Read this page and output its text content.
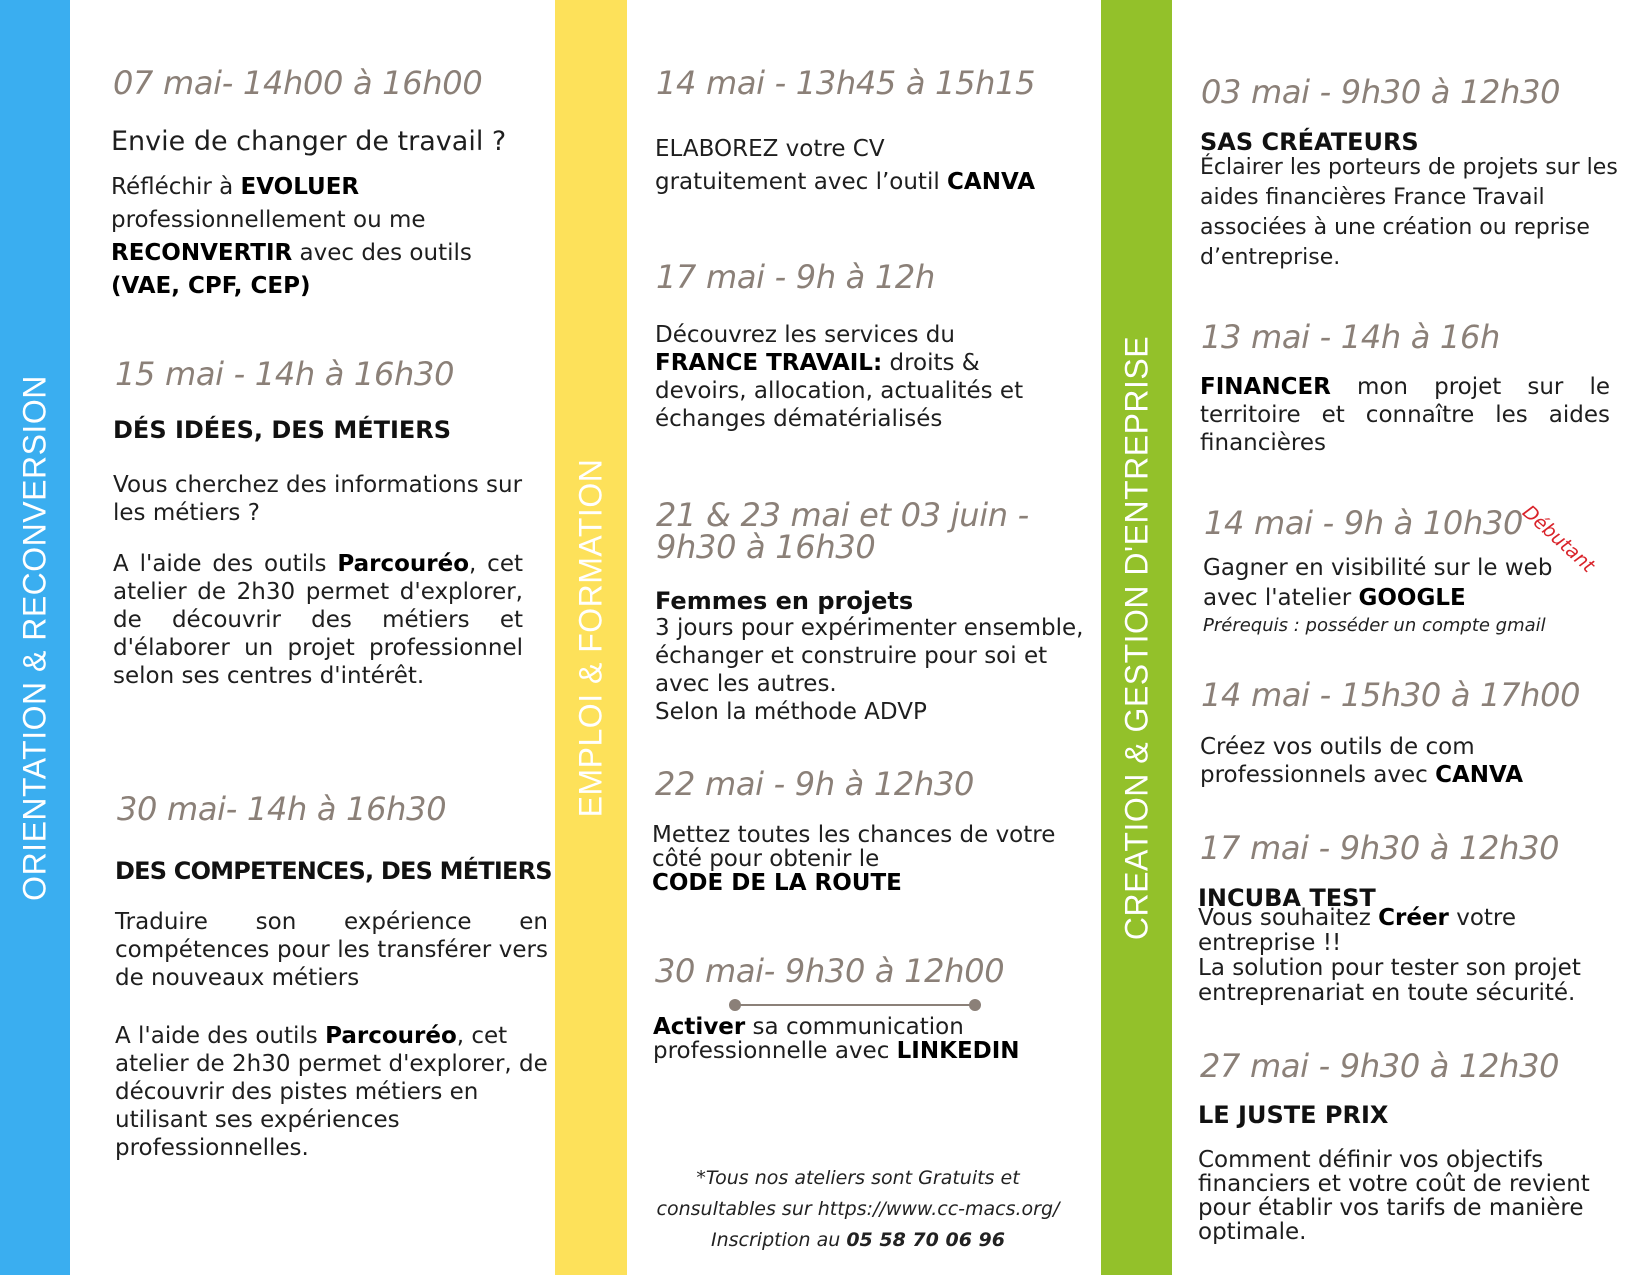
ORIENTATION & RECONVERSION	EMPLOI & FORMATION	CREATION & GESTION D'ENTREPRISE
07 mai- 14h00 à 16h00
Envie de changer de travail ?
Réfléchir à EVOLUER
professionnellement ou me
RECONVERTIR avec des outils
(VAE, CPF, CEP)
15 mai - 14h à 16h30
DÉS IDÉES, DES MÉTIERS
Vous cherchez des informations sur les métiers ?
A l'aide des outils Parcouréo, cet atelier de 2h30 permet d'explorer, de découvrir des métiers et d'élaborer un projet professionnel selon ses centres d'intérêt.
30 mai- 14h à 16h30
DES COMPETENCES, DES MÉTIERS
Traduire son expérience en compétences pour les transférer vers de nouveaux métiers
A l'aide des outils Parcouréo, cet atelier de 2h30 permet d'explorer, de découvrir des pistes métiers en utilisant ses expériences professionnelles.
14 mai - 13h45 à 15h15
ELABOREZ votre CV
gratuitement avec l’outil CANVA
17 mai - 9h à 12h
Découvrez les services du
FRANCE TRAVAIL: droits & devoirs, allocation, actualités et échanges dématérialisés
21 & 23 mai et 03 juin -
9h30 à 16h30
Femmes en projets
3 jours pour expérimenter ensemble, échanger et construire pour soi et avec les autres.
Selon la méthode ADVP
22 mai - 9h à 12h30
Mettez toutes les chances de votre côté pour obtenir le
CODE DE LA ROUTE
30 mai- 9h30 à 12h00
Activer sa communication professionnelle avec LINKEDIN
*Tous nos ateliers sont Gratuits et
consultables sur https://www.cc-macs.org/
Inscription au 05 58 70 06 96
03 mai - 9h30 à 12h30
SAS CRÉATEURS
Éclairer les porteurs de projets sur les aides financières France Travail associées à une création ou reprise d’entreprise.
13 mai - 14h à 16h
FINANCER mon projet sur le territoire et connaître les aides financières
14 mai - 9h à 10h30
Débutant
Gagner en visibilité sur le web
avec l'atelier GOOGLE
Prérequis : posséder un compte gmail
14 mai - 15h30 à 17h00
Créez vos outils de com
professionnels avec CANVA
17 mai - 9h30 à 12h30
INCUBA TEST
Vous souhaitez Créer votre entreprise !!
La solution pour tester son projet entreprenariat en toute sécurité.
27 mai - 9h30 à 12h30
LE JUSTE PRIX
Comment définir vos objectifs financiers et votre coût de revient pour établir vos tarifs de manière optimale.
